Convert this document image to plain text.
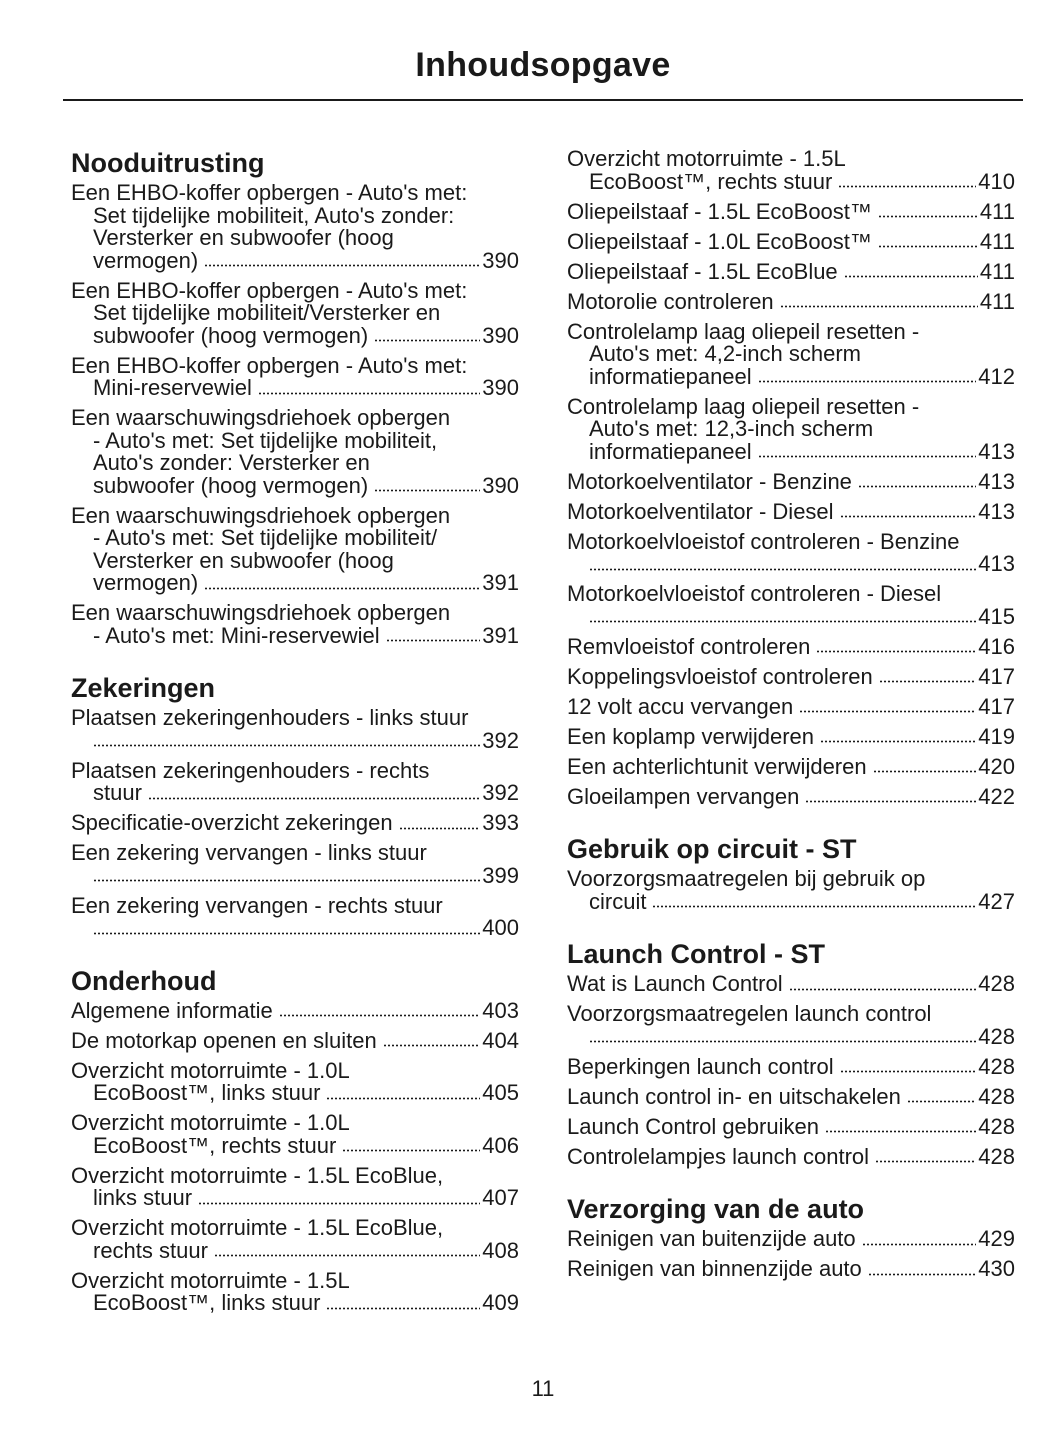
Inhoudsopgave
Nooduitrusting
Een EHBO-koffer opbergen - Auto's met:
Set tijdelijke mobiliteit, Auto's zonder:
Versterker en subwoofer (hoog
vermogen)	390
Een EHBO-koffer opbergen - Auto's met:
Set tijdelijke mobiliteit/Versterker en
subwoofer (hoog vermogen)	390
Een EHBO-koffer opbergen - Auto's met:
Mini-reservewiel	390
Een waarschuwingsdriehoek opbergen
- Auto's met: Set tijdelijke mobiliteit,
Auto's zonder: Versterker en
subwoofer (hoog vermogen)	390
Een waarschuwingsdriehoek opbergen
- Auto's met: Set tijdelijke mobiliteit/
Versterker en subwoofer (hoog
vermogen)	391
Een waarschuwingsdriehoek opbergen
- Auto's met: Mini-reservewiel	391
Zekeringen
Plaatsen zekeringenhouders - links stuur
392
Plaatsen zekeringenhouders - rechts
stuur	392
Specificatie-overzicht zekeringen	393
Een zekering vervangen - links stuur
399
Een zekering vervangen - rechts stuur
400
Onderhoud
Algemene informatie	403
De motorkap openen en sluiten	404
Overzicht motorruimte - 1.0L
EcoBoost™, links stuur	405
Overzicht motorruimte - 1.0L
EcoBoost™, rechts stuur	406
Overzicht motorruimte - 1.5L EcoBlue,
links stuur	407
Overzicht motorruimte - 1.5L EcoBlue,
rechts stuur	408
Overzicht motorruimte - 1.5L
EcoBoost™, links stuur	409
Overzicht motorruimte - 1.5L
EcoBoost™, rechts stuur	410
Oliepeilstaaf - 1.5L EcoBoost™	411
Oliepeilstaaf - 1.0L EcoBoost™	411
Oliepeilstaaf - 1.5L EcoBlue	411
Motorolie controleren	411
Controlelamp laag oliepeil resetten -
Auto's met: 4,2-inch scherm
informatiepaneel	412
Controlelamp laag oliepeil resetten -
Auto's met: 12,3-inch scherm
informatiepaneel	413
Motorkoelventilator - Benzine	413
Motorkoelventilator - Diesel	413
Motorkoelvloeistof controleren - Benzine
413
Motorkoelvloeistof controleren - Diesel
415
Remvloeistof controleren	416
Koppelingsvloeistof controleren	417
12 volt accu vervangen	417
Een koplamp verwijderen	419
Een achterlichtunit verwijderen	420
Gloeilampen vervangen	422
Gebruik op circuit - ST
Voorzorgsmaatregelen bij gebruik op
circuit	427
Launch Control - ST
Wat is Launch Control	428
Voorzorgsmaatregelen launch control
428
Beperkingen launch control	428
Launch control in- en uitschakelen	428
Launch Control gebruiken	428
Controlelampjes launch control	428
Verzorging van de auto
Reinigen van buitenzijde auto	429
Reinigen van binnenzijde auto	430
11
